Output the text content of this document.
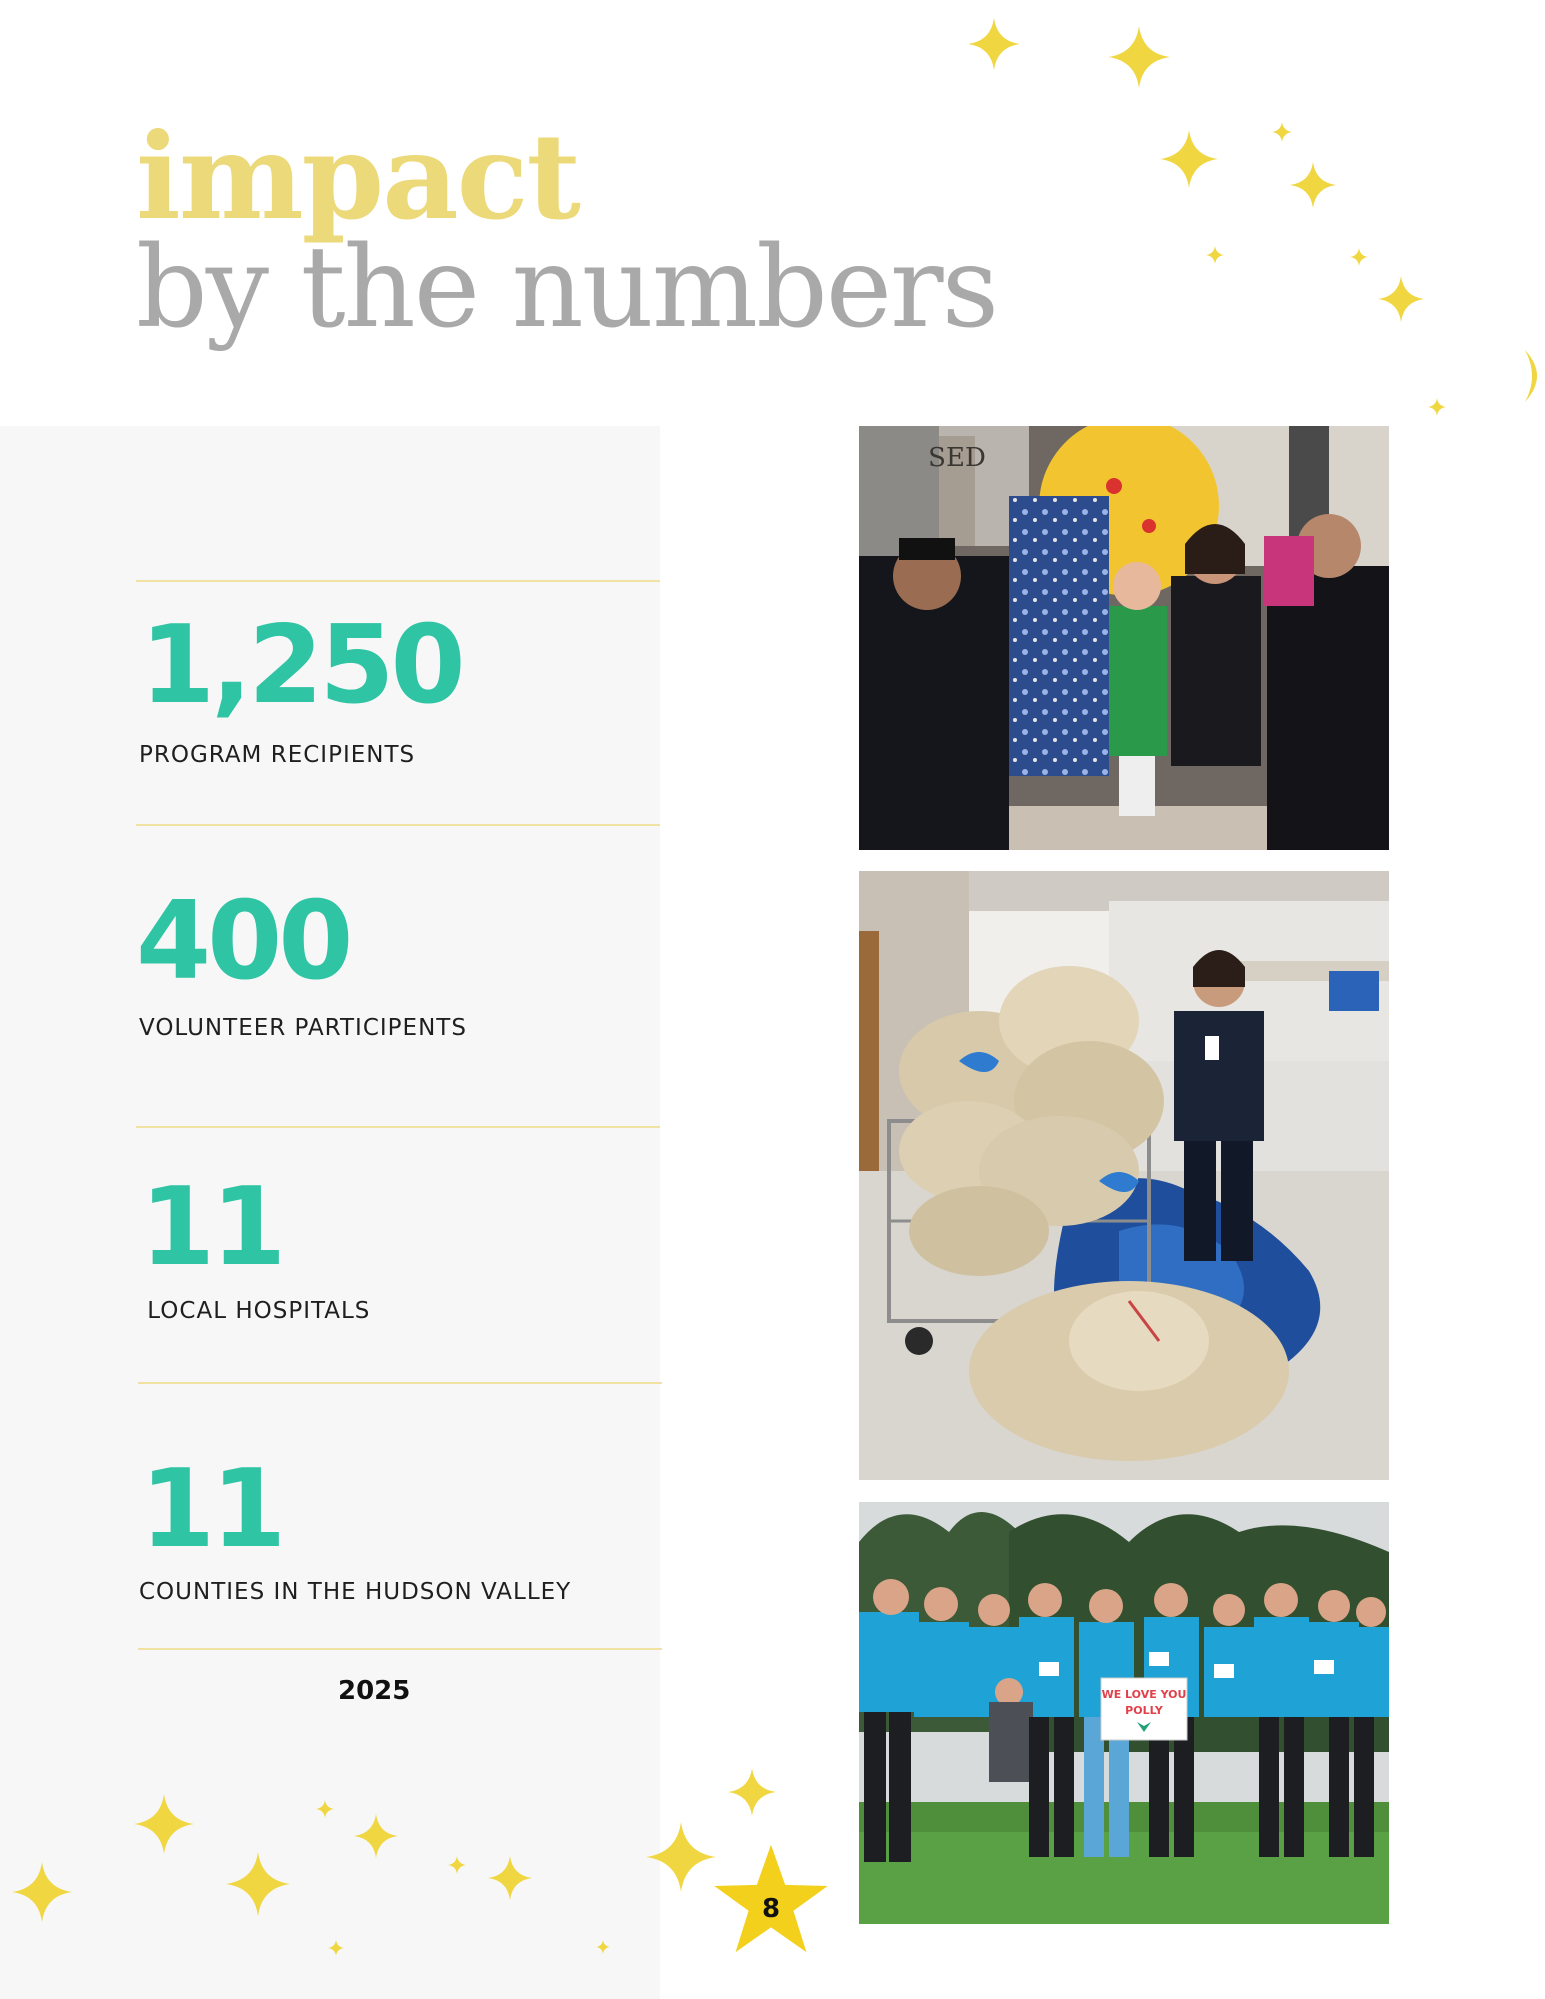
impact
by the numbers
1,250
PROGRAM RECIPIENTS
400
VOLUNTEER PARTICIPENTS
11
LOCAL HOSPITALS
11
COUNTIES IN THE HUDSON VALLEY
2025
SED
WE LOVE YOU
POLLY
8
